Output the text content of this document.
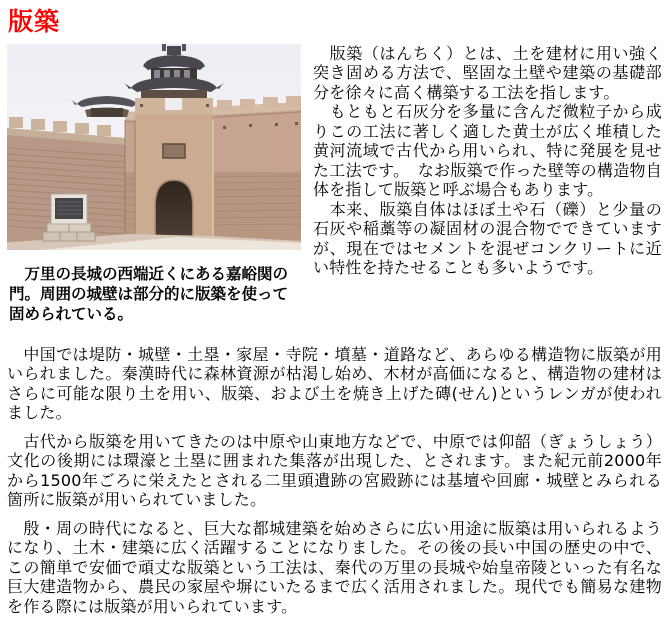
版築
　万里の長城の西端近くにある嘉峪関の門。周囲の城壁は部分的に版築を使って固められている。

　版築（はんちく）とは、土を建材に用い強く突き固める方法で、堅固な土壁や建築の基礎部分を徐々に高く構築する工法を指します。

　もともと石灰分を多量に含んだ微粒子から成りこの工法に著しく適した黄土が広く堆積した黄河流域で古代から用いられ、特に発展を見せた工法です。　なお版築で作った壁等の構造物自体を指して版築と呼ぶ場合もあります。

　本来、版築自体はほぼ土や石（礫）と少量の石灰や稲藁等の凝固材の混合物でできていますが、現在ではセメントを混ぜコンクリートに近い特性を持たせることも多いようです。

　中国では堤防・城壁・土塁・家屋・寺院・墳墓・道路など、あらゆる構造物に版築が用いられました。秦漢時代に森林資源が枯渇し始め、木材が高価になると、構造物の建材はさらに可能な限り土を用い、版築、および土を焼き上げた磚(せん)というレンガが使われました。

　古代から版築を用いてきたのは中原や山東地方などで、中原では仰韶（ぎょうしょう）文化の後期には環濠と土塁に囲まれた集落が出現した、とされます。また紀元前2000年から1500年ごろに栄えたとされる二里頭遺跡の宮殿跡には基壇や回廊・城壁とみられる箇所に版築が用いられていました。

　殷・周の時代になると、巨大な都城建築を始めさらに広い用途に版築は用いられるようになり、土木・建築に広く活躍することになりました。その後の長い中国の歴史の中で、この簡単で安価で頑丈な版築という工法は、秦代の万里の長城や始皇帝陵といった有名な巨大建造物から、農民の家屋や塀にいたるまで広く活用されました。現代でも簡易な建物を作る際には版築が用いられています。
